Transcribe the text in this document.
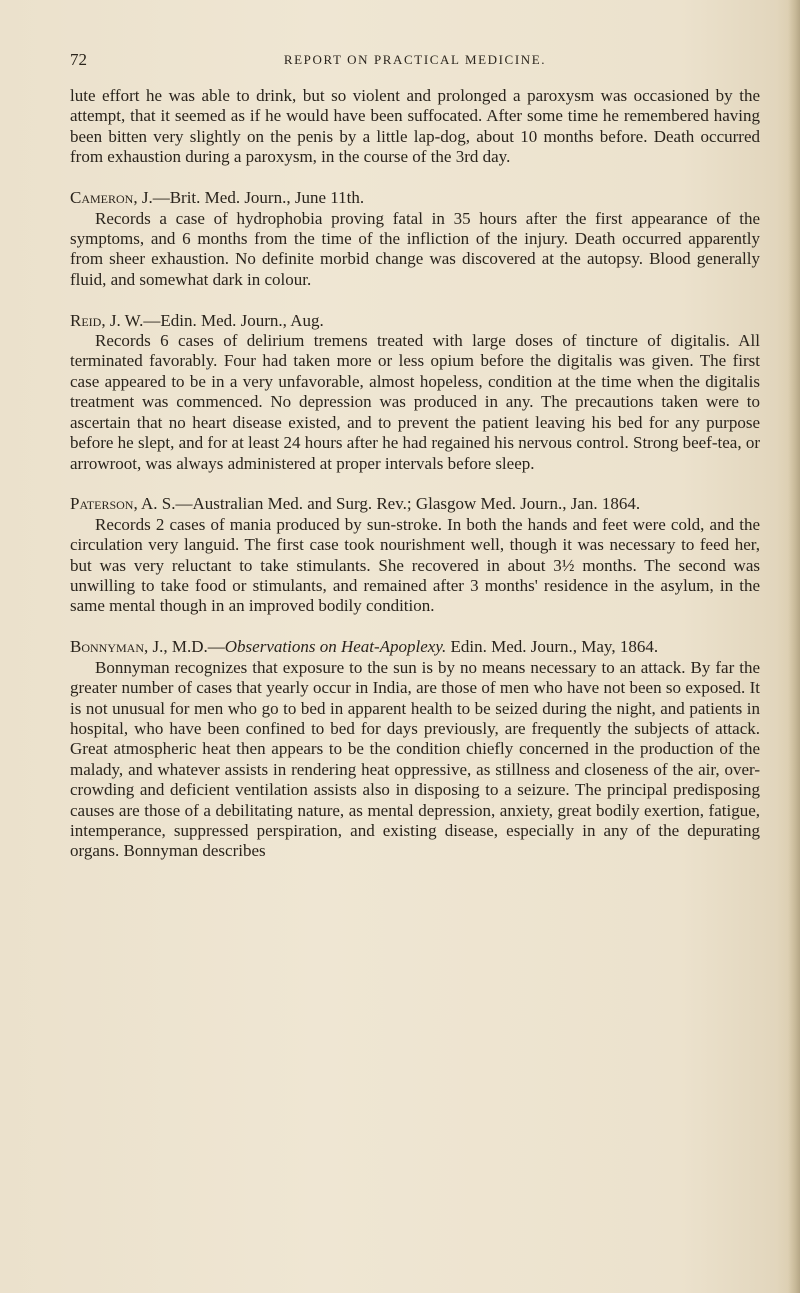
72	REPORT ON PRACTICAL MEDICINE.

lute effort he was able to drink, but so violent and prolonged a paroxysm was occasioned by the attempt, that it seemed as if he would have been suffocated. After some time he remembered having been bitten very slightly on the penis by a little lap-dog, about 10 months before. Death occurred from exhaustion during a paroxysm, in the course of the 3rd day.

Cameron, J.—Brit. Med. Journ., June 11th.

Records a case of hydrophobia proving fatal in 35 hours after the first appearance of the symptoms, and 6 months from the time of the infliction of the injury. Death occurred apparently from sheer exhaustion. No definite morbid change was discovered at the autopsy. Blood generally fluid, and somewhat dark in colour.

Reid, J. W.—Edin. Med. Journ., Aug.

Records 6 cases of delirium tremens treated with large doses of tincture of digitalis. All terminated favorably. Four had taken more or less opium before the digitalis was given. The first case appeared to be in a very unfavorable, almost hopeless, condition at the time when the digitalis treatment was commenced. No depression was produced in any. The precautions taken were to ascertain that no heart disease existed, and to prevent the patient leaving his bed for any purpose before he slept, and for at least 24 hours after he had regained his nervous control. Strong beef-tea, or arrowroot, was always administered at proper intervals before sleep.

Paterson, A. S.—Australian Med. and Surg. Rev.; Glasgow Med. Journ., Jan. 1864.

Records 2 cases of mania produced by sun-stroke. In both the hands and feet were cold, and the circulation very languid. The first case took nourishment well, though it was necessary to feed her, but was very reluctant to take stimulants. She recovered in about 3½ months. The second was unwilling to take food or stimulants, and remained after 3 months' residence in the asylum, in the same mental though in an improved bodily condition.

Bonnyman, J., M.D.—Observations on Heat-Apoplexy. Edin. Med. Journ., May, 1864.

Bonnyman recognizes that exposure to the sun is by no means necessary to an attack. By far the greater number of cases that yearly occur in India, are those of men who have not been so exposed. It is not unusual for men who go to bed in apparent health to be seized during the night, and patients in hospital, who have been confined to bed for days previously, are frequently the subjects of attack. Great atmospheric heat then appears to be the condition chiefly concerned in the production of the malady, and whatever assists in rendering heat oppressive, as stillness and closeness of the air, over-crowding and deficient ventilation assists also in disposing to a seizure. The principal predisposing causes are those of a debilitating nature, as mental depression, anxiety, great bodily exertion, fatigue, intemperance, suppressed perspiration, and existing disease, especially in any of the depurating organs. Bonnyman describes
